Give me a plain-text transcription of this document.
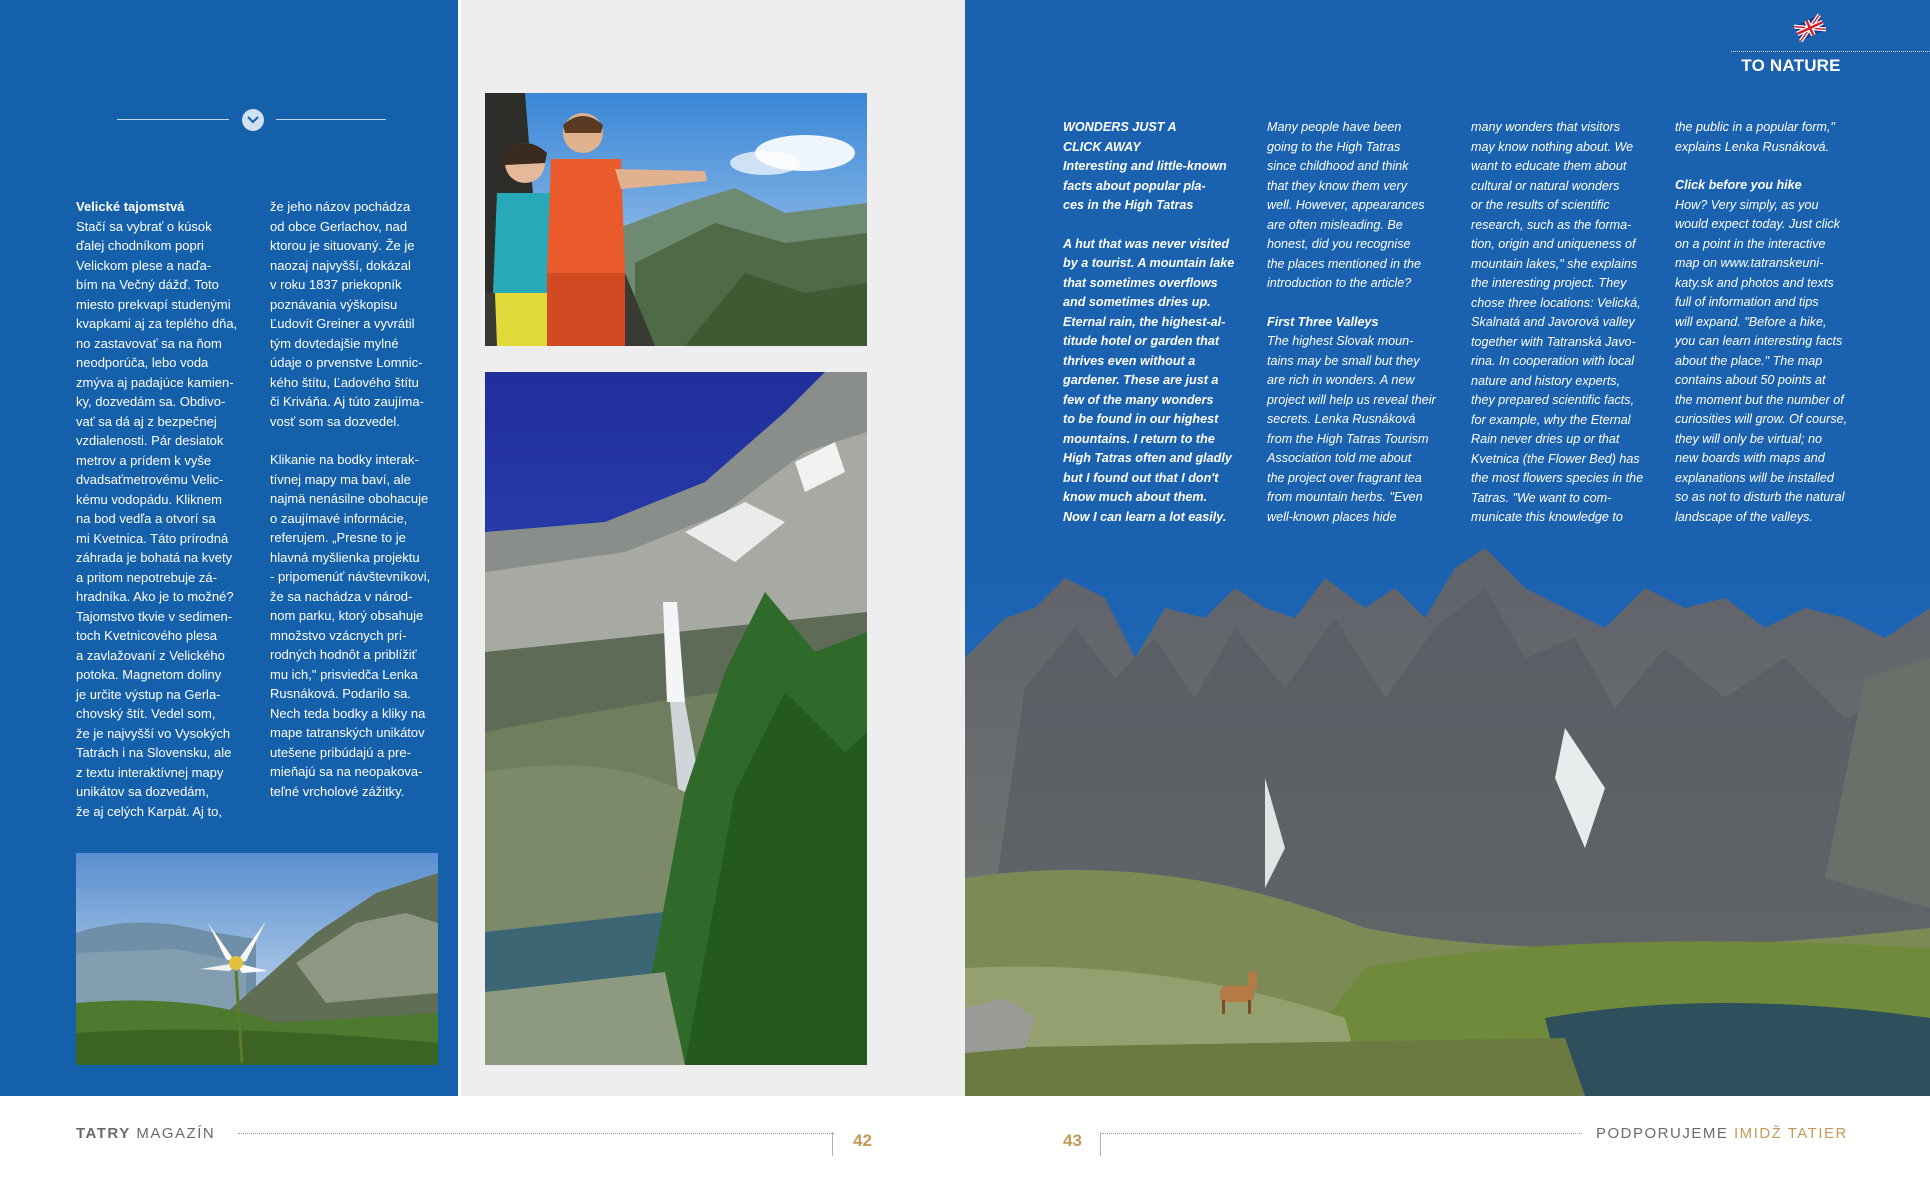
Velické tajomstvá

Stačí sa vybrať o kúsok
ďalej chodníkom popri
Velickom plese a naďa-
bím na Večný dážď. Toto
miesto prekvapí studenými
kvapkami aj za teplého dňa,
no zastavovať sa na ňom
neodporúča, lebo voda
zmýva aj padajúce kamien-
ky, dozvedám sa. Obdivo-
vať sa dá aj z bezpečnej
vzdialenosti. Pár desiatok
metrov a prídem k vyše
dvadsaťmetrovému Velic-
kému vodopádu. Kliknem
na bod vedľa a otvorí sa
mi Kvetnica. Táto prírodná
záhrada je bohatá na kvety
a pritom nepotrebuje zá-
hradníka. Ako je to možné?
Tajomstvo tkvie v sedimen-
toch Kvetnicového plesa
a zavlažovaní z Velického
potoka. Magnetom doliny
je určite výstup na Gerla-
chovský štít. Vedel som,
že je najvyšší vo Vysokých
Tatrách i na Slovensku, ale
z textu interaktívnej mapy
unikátov sa dozvedám,
že aj celých Karpát. Aj to,

že jeho názov pochádza
od obce Gerlachov, nad
ktorou je situovaný. Že je
naozaj najvyšší, dokázal
v roku 1837 priekopník
poznávania výškopisu
Ľudovít Greiner a vyvrátil
tým dovtedajšie mylné
údaje o prvenstve Lomnic-
kého štítu, Ľadového štítu
či Kriváňa. Aj túto zaujíma-
vosť som sa dozvedel.

Klikanie na bodky interak-
tívnej mapy ma baví, ale
najmä nenásilne obohacuje
o zaujímavé informácie,
referujem. „Presne to je
hlavná myšlienka projektu
- pripomenúť návštevníkovi,
že sa nachádza v národ-
nom parku, ktorý obsahuje
množstvo vzácnych prí-
rodných hodnôt a priblížiť
mu ich," prisviedča Lenka
Rusnáková. Podarilo sa.
Nech teda bodky a kliky na
mape tatranských unikátov
utešene pribúdajú a pre-
mieňajú sa na neopakova-
teľné vrcholové zážitky.

TO NATURE

WONDERS JUST A
CLICK AWAY

Interesting and little-known
facts about popular pla-
ces in the High Tatras

A hut that was never visited
by a tourist. A mountain lake
that sometimes overflows
and sometimes dries up.
Eternal rain, the highest-al-
titude hotel or garden that
thrives even without a
gardener. These are just a
few of the many wonders
to be found in our highest
mountains. I return to the
High Tatras often and gladly
but I found out that I don't
know much about them.
Now I can learn a lot easily.

Many people have been
going to the High Tatras
since childhood and think
that they know them very
well. However, appearances
are often misleading. Be
honest, did you recognise
the places mentioned in the
introduction to the article?

First Three Valleys

The highest Slovak moun-
tains may be small but they
are rich in wonders. A new
project will help us reveal their
secrets. Lenka Rusnáková
from the High Tatras Tourism
Association told me about
the project over fragrant tea
from mountain herbs. "Even
well-known places hide

many wonders that visitors
may know nothing about. We
want to educate them about
cultural or natural wonders
or the results of scientific
research, such as the forma-
tion, origin and uniqueness of
mountain lakes," she explains
the interesting project. They
chose three locations: Velická,
Skalnatá and Javorová valley
together with Tatranská Javo-
rina. In cooperation with local
nature and history experts,
they prepared scientific facts,
for example, why the Eternal
Rain never dries up or that
Kvetnica (the Flower Bed) has
the most flowers species in the
Tatras. "We want to com-
municate this knowledge to

the public in a popular form,"
explains Lenka Rusnáková.

Click before you hike

How? Very simply, as you
would expect today. Just click
on a point in the interactive
map on www.tatranskeuni-
katy.sk and photos and texts
full of information and tips
will expand. "Before a hike,
you can learn interesting facts
about the place." The map
contains about 50 points at
the moment but the number of
curiosities will grow. Of course,
they will only be virtual; no
new boards with maps and
explanations will be installed
so as not to disturb the natural
landscape of the valleys.

TATRY MAGAZÍN	42	43	PODPORUJEME IMIDŽ TATIER
